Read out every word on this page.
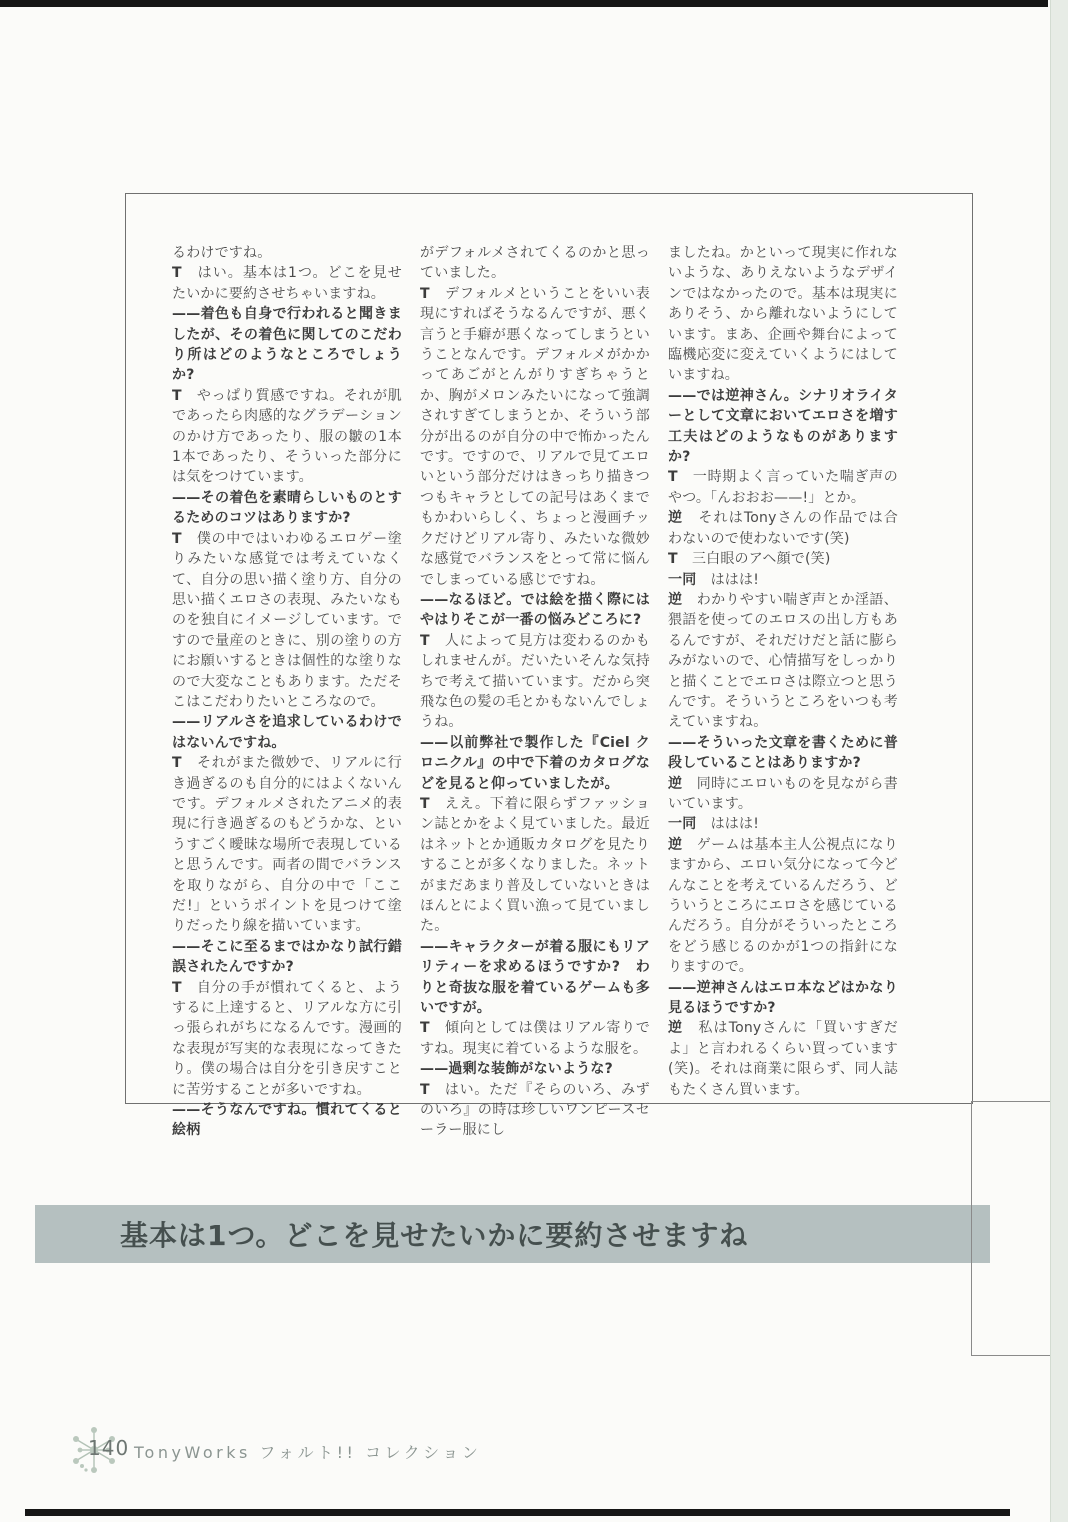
るわけですね。

T　はい。基本は1つ。どこを見せたいかに要約させちゃいますね。

——着色も自身で行われると聞きましたが、その着色に関してのこだわり所はどのようなところでしょうか?

T　やっぱり質感ですね。それが肌であったら肉感的なグラデーションのかけ方であったり、服の皺の1本1本であったり、そういった部分には気をつけています。

——その着色を素晴らしいものとするためのコツはありますか?

T　僕の中ではいわゆるエロゲー塗りみたいな感覚では考えていなくて、自分の思い描く塗り方、自分の思い描くエロさの表現、みたいなものを独自にイメージしています。ですので量産のときに、別の塗りの方にお願いするときは個性的な塗りなので大変なこともあります。ただそこはこだわりたいところなので。

——リアルさを追求しているわけではないんですね。

T　それがまた微妙で、リアルに行き過ぎるのも自分的にはよくないんです。デフォルメされたアニメ的表現に行き過ぎるのもどうかな、というすごく曖昧な場所で表現していると思うんです。両者の間でバランスを取りながら、自分の中で「ここだ!」というポイントを見つけて塗りだったり線を描いています。

——そこに至るまではかなり試行錯誤されたんですか?

T　自分の手が慣れてくると、ようするに上達すると、リアルな方に引っ張られがちになるんです。漫画的な表現が写実的な表現になってきたり。僕の場合は自分を引き戻すことに苦労することが多いですね。

——そうなんですね。慣れてくると絵柄

がデフォルメされてくるのかと思っていました。

T　デフォルメということをいい表現にすればそうなるんですが、悪く言うと手癖が悪くなってしまうということなんです。デフォルメがかかってあごがとんがりすぎちゃうとか、胸がメロンみたいになって強調されすぎてしまうとか、そういう部分が出るのが自分の中で怖かったんです。ですので、リアルで見てエロいという部分だけはきっちり描きつつもキャラとしての記号はあくまでもかわいらしく、ちょっと漫画チックだけどリアル寄り、みたいな微妙な感覚でバランスをとって常に悩んでしまっている感じですね。

——なるほど。では絵を描く際にはやはりそこが一番の悩みどころに?

T　人によって見方は変わるのかもしれませんが。だいたいそんな気持ちで考えて描いています。だから突飛な色の髪の毛とかもないんでしょうね。

——以前弊社で製作した『Ciel クロニクル』の中で下着のカタログなどを見ると仰っていましたが。

T　ええ。下着に限らずファッション誌とかをよく見ていました。最近はネットとか通販カタログを見たりすることが多くなりました。ネットがまだあまり普及していないときはほんとによく買い漁って見ていました。

——キャラクターが着る服にもリアリティーを求めるほうですか?　わりと奇抜な服を着ているゲームも多いですが。

T　傾向としては僕はリアル寄りですね。現実に着ているような服を。

——過剰な装飾がないような?

T　はい。ただ『そらのいろ、みずのいろ』の時は珍しいワンピースセーラー服にし

ましたね。かといって現実に作れないような、ありえないようなデザインではなかったので。基本は現実にありそう、から離れないようにしています。まあ、企画や舞台によって臨機応変に変えていくようにはしていますね。

——では逆神さん。シナリオライターとして文章においてエロさを増す工夫はどのようなものがありますか?

T　一時期よく言っていた喘ぎ声のやつ。「んおおお——!」とか。

逆　それはTonyさんの作品では合わないので使わないです(笑)

T　三白眼のアヘ顔で(笑)

一同　ははは!

逆　わかりやすい喘ぎ声とか淫語、猥語を使ってのエロスの出し方もあるんですが、それだけだと話に膨らみがないので、心情描写をしっかりと描くことでエロさは際立つと思うんです。そういうところをいつも考えていますね。

——そういった文章を書くために普段していることはありますか?

逆　同時にエロいものを見ながら書いています。

一同　ははは!

逆　ゲームは基本主人公視点になりますから、エロい気分になって今どんなことを考えているんだろう、どういうところにエロさを感じているんだろう。自分がそういったところをどう感じるのかが1つの指針になりますので。

——逆神さんはエロ本などはかなり見るほうですか?

逆　私はTonyさんに「買いすぎだよ」と言われるくらい買っています(笑)。それは商業に限らず、同人誌もたくさん買います。

基本は1つ。どこを見せたいかに要約させますね
140 TonyWorks フォルト!! コレクション
